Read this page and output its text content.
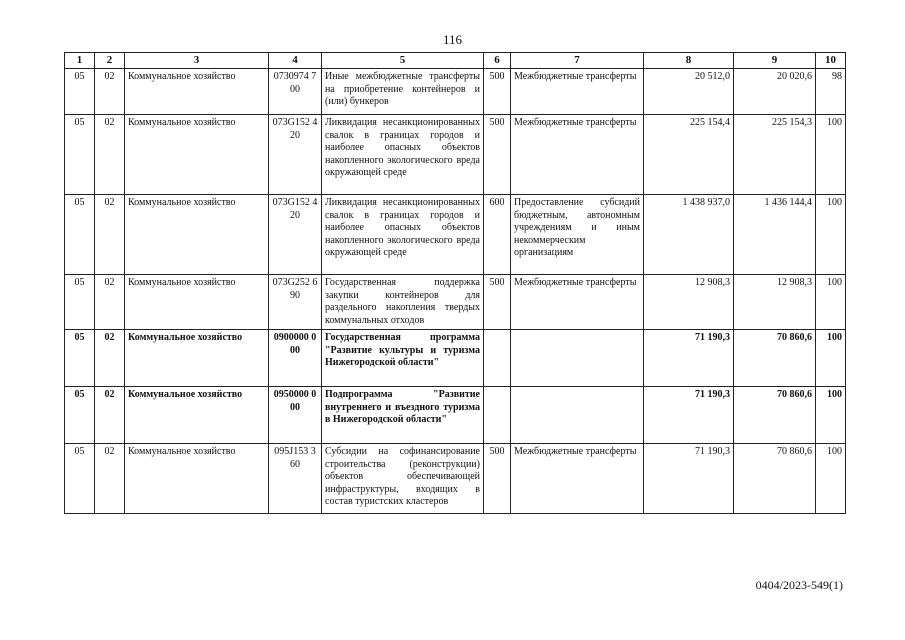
116
1	2	3	4	5	6	7	8	9	10
05	02	Коммунальное хозяйство	0730974 700	Иные межбюджетные трансферты на приобретение контейнеров и (или) бункеров	500	Межбюджетные трансферты	20 512,0	20 020,6	98
05	02	Коммунальное хозяйство	073G152 420	Ликвидация несанкционированных свалок в границах городов и наиболее опасных объектов накопленного экологического вреда окружающей среде	500	Межбюджетные трансферты	225 154,4	225 154,3	100
05	02	Коммунальное хозяйство	073G152 420	Ликвидация несанкционированных свалок в границах городов и наиболее опасных объектов накопленного экологического вреда окружающей среде	600	Предоставление субсидий бюджетным, автономным учреждениям и иным некоммерческим организациям	1 438 937,0	1 436 144,4	100
05	02	Коммунальное хозяйство	073G252 690	Государственная поддержка закупки контейнеров для раздельного накопления твердых коммунальных отходов	500	Межбюджетные трансферты	12 908,3	12 908,3	100
05	02	Коммунальное хозяйство	0900000 000	Государственная программа "Развитие культуры и туризма Нижегородской области"			71 190,3	70 860,6	100
05	02	Коммунальное хозяйство	0950000 000	Подпрограмма "Развитие внутреннего и въездного туризма в Нижегородской области"			71 190,3	70 860,6	100
05	02	Коммунальное хозяйство	095J153 360	Субсидии на софинансирование строительства (реконструкции) объектов обеспечивающей инфраструктуры, входящих в состав туристских кластеров	500	Межбюджетные трансферты	71 190,3	70 860,6	100
0404/2023-549(1)
